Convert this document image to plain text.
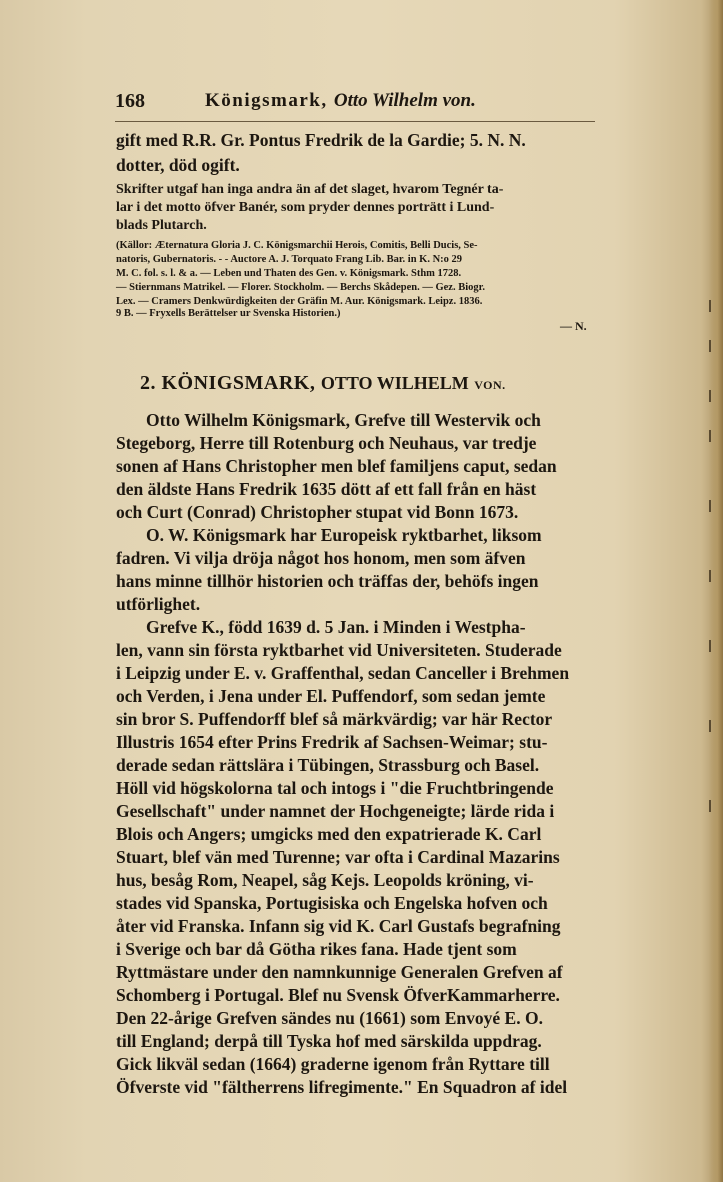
168	Königsmark, Otto Wilhelm von.
gift med R.R. Gr. Pontus Fredrik de la Gardie; 5. N. N.
dotter, död ogift.
Skrifter utgaf han inga andra än af det slaget, hvarom Tegnér ta-
lar i det motto öfver Banér, som pryder dennes porträtt i Lund-
blads Plutarch.
(Källor: Æternatura Gloria J. C. Königsmarchii Herois, Comitis, Belli Ducis, Se-
natoris, Gubernatoris. - - Auctore A. J. Torquato Frang Lib. Bar. in K. N:o 29
M. C. fol. s. l. & a. — Leben und Thaten des Gen. v. Königsmark. Sthm 1728.
— Stiernmans Matrikel. — Florer. Stockholm. — Berchs Skådepen. — Gez. Biogr.
Lex. — Cramers Denkwürdigkeiten der Gräfin M. Aur. Königsmark. Leipz. 1836.
9 B. — Fryxells Berättelser ur Svenska Historien.)
— N.
2. KÖNIGSMARK, OTTO WILHELM VON.
Otto Wilhelm Königsmark, Grefve till Westervik och
Stegeborg, Herre till Rotenburg och Neuhaus, var tredje
sonen af Hans Christopher men blef familjens caput, sedan
den äldste Hans Fredrik 1635 dött af ett fall från en häst
och Curt (Conrad) Christopher stupat vid Bonn 1673.
O. W. Königsmark har Europeisk ryktbarhet, liksom
fadren. Vi vilja dröja något hos honom, men som äfven
hans minne tillhör historien och träffas der, behöfs ingen
utförlighet.
Grefve K., född 1639 d. 5 Jan. i Minden i Westpha-
len, vann sin första ryktbarhet vid Universiteten. Studerade
i Leipzig under E. v. Graffenthal, sedan Canceller i Brehmen
och Verden, i Jena under El. Puffendorf, som sedan jemte
sin bror S. Puffendorff blef så märkvärdig; var här Rector
Illustris 1654 efter Prins Fredrik af Sachsen-Weimar; stu-
derade sedan rättslära i Tübingen, Strassburg och Basel.
Höll vid högskolorna tal och intogs i "die Fruchtbringende
Gesellschaft" under namnet der Hochgeneigte; lärde rida i
Blois och Angers; umgicks med den expatrierade K. Carl
Stuart, blef vän med Turenne; var ofta i Cardinal Mazarins
hus, besåg Rom, Neapel, såg Kejs. Leopolds kröning, vi-
stades vid Spanska, Portugisiska och Engelska hofven och
åter vid Franska. Infann sig vid K. Carl Gustafs begrafning
i Sverige och bar då Götha rikes fana. Hade tjent som
Ryttmästare under den namnkunnige Generalen Grefven af
Schomberg i Portugal. Blef nu Svensk ÖfverKammarherre.
Den 22-årige Grefven sändes nu (1661) som Envoyé E. O.
till England; derpå till Tyska hof med särskilda uppdrag.
Gick likväl sedan (1664) graderne igenom från Ryttare till
Öfverste vid "fältherrens lifregimente." En Squadron af idel
